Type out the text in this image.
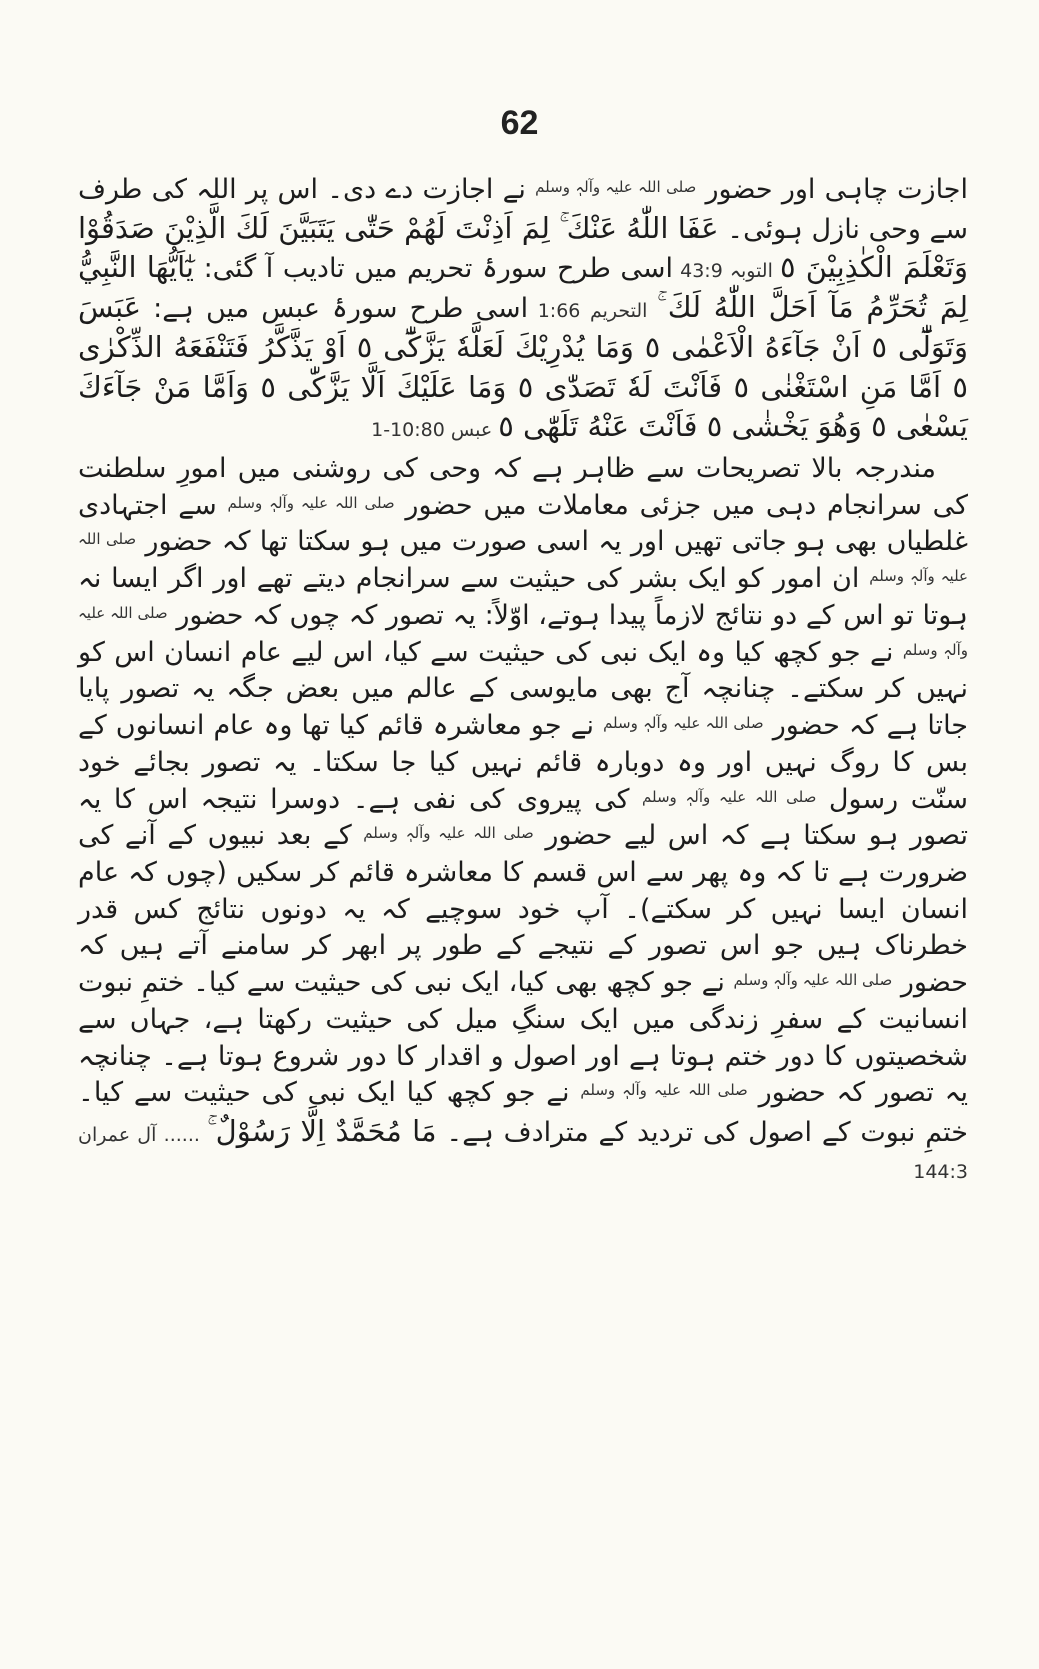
62

اجازت چاہی اور حضور $^{صلی اللہ علیہ وآلہٖ وسلم}$ نے اجازت دے دی۔ اس پر اللہ کی طرف سے وحی نازل ہوئی۔ عَفَا اللّٰهُ عَنْكَ ۚ لِمَ اَذِنْتَ لَهُمْ حَتّٰى يَتَبَيَّنَ لَكَ الَّذِيْنَ صَدَقُوْا وَتَعْلَمَ الْكٰذِبِيْنَ ٥ التوبہ 43:9 اسی طرح سورۂ تحریم میں تادیب آ گئی: يٰٓاَيُّهَا النَّبِيُّ لِمَ تُحَرِّمُ مَآ اَحَلَّ اللّٰهُ لَكَ ۚ التحریم 1:66 اسی طرح سورۂ عبس میں ہے: عَبَسَ وَتَوَلّٰٓى ٥ اَنْ جَآءَهُ الْاَعْمٰى ٥ وَمَا يُدْرِيْكَ لَعَلَّهٗ يَزَّكّٰٓى ٥ اَوْ يَذَّكَّرُ فَتَنْفَعَهُ الذِّكْرٰى ٥ اَمَّا مَنِ اسْتَغْنٰى ٥ فَاَنْتَ لَهٗ تَصَدّٰى ٥ وَمَا عَلَيْكَ اَلَّا يَزَّكّٰى ٥ وَاَمَّا مَنْ جَآءَكَ يَسْعٰى ٥ وَهُوَ يَخْشٰى ٥ فَاَنْتَ عَنْهُ تَلَهّٰى ٥ عبس 10:80-1

مندرجہ بالا تصریحات سے ظاہر ہے کہ وحی کی روشنی میں امورِ سلطنت کی سرانجام دہی میں جزئی معاملات میں حضور $^{صلی اللہ علیہ وآلہٖ وسلم}$ سے اجتہادی غلطیاں بھی ہو جاتی تھیں اور یہ اسی صورت میں ہو سکتا تھا کہ حضور $^{صلی اللہ علیہ وآلہٖ وسلم}$ ان امور کو ایک بشر کی حیثیت سے سرانجام دیتے تھے اور اگر ایسا نہ ہوتا تو اس کے دو نتائج لازماً پیدا ہوتے، اوّلاً: یہ تصور کہ چوں کہ حضور $^{صلی اللہ علیہ وآلہٖ وسلم}$ نے جو کچھ کیا وہ ایک نبی کی حیثیت سے کیا، اس لیے عام انسان اس کو نہیں کر سکتے۔ چنانچہ آج بھی مایوسی کے عالم میں بعض جگہ یہ تصور پایا جاتا ہے کہ حضور $^{صلی اللہ علیہ وآلہٖ وسلم}$ نے جو معاشرہ قائم کیا تھا وہ عام انسانوں کے بس کا روگ نہیں اور وہ دوبارہ قائم نہیں کیا جا سکتا۔ یہ تصور بجائے خود سنّت رسول $^{صلی اللہ علیہ وآلہٖ وسلم}$ کی پیروی کی نفی ہے۔ دوسرا نتیجہ اس کا یہ تصور ہو سکتا ہے کہ اس لیے حضور $^{صلی اللہ علیہ وآلہٖ وسلم}$ کے بعد نبیوں کے آنے کی ضرورت ہے تا کہ وہ پھر سے اس قسم کا معاشرہ قائم کر سکیں (چوں کہ عام انسان ایسا نہیں کر سکتے)۔ آپ خود سوچیے کہ یہ دونوں نتائج کس قدر خطرناک ہیں جو اس تصور کے نتیجے کے طور پر ابھر کر سامنے آتے ہیں کہ حضور $^{صلی اللہ علیہ وآلہٖ وسلم}$ نے جو کچھ بھی کیا، ایک نبی کی حیثیت سے کیا۔ ختمِ نبوت انسانیت کے سفرِ زندگی میں ایک سنگِ میل کی حیثیت رکھتا ہے، جہاں سے شخصیتوں کا دور ختم ہوتا ہے اور اصول و اقدار کا دور شروع ہوتا ہے۔ چنانچہ یہ تصور کہ حضور $^{صلی اللہ علیہ وآلہٖ وسلم}$ نے جو کچھ کیا ایک نبی کی حیثیت سے کیا۔ ختمِ نبوت کے اصول کی تردید کے مترادف ہے۔ مَا مُحَمَّدٌ اِلَّا رَسُوْلٌ ۚ ...... آل عمران 144:3
